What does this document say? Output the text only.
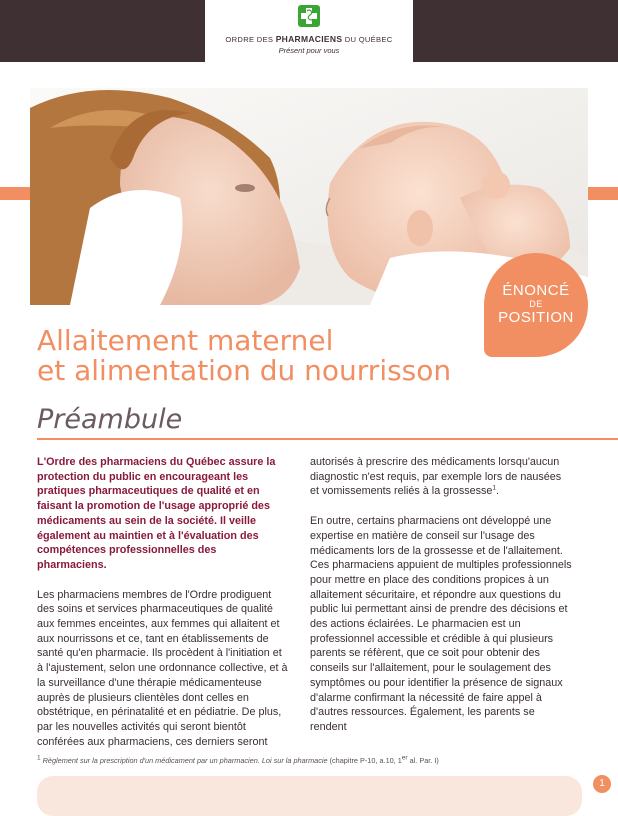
ORDRE DES PHARMACIENS DU QUÉBEC
Présent pour vous
ÉNONCÉ
DE
POSITION
Allaitement maternel
et alimentation du nourrisson
Préambule

L'Ordre des pharmaciens du Québec assure la protection du public en encourageant les pratiques pharmaceutiques de qualité et en faisant la promotion de l'usage approprié des médicaments au sein de la société. Il veille également au maintien et à l'évaluation des compétences professionnelles des pharmaciens.

Les pharmaciens membres de l'Ordre prodiguent des soins et services pharmaceutiques de qualité aux femmes enceintes, aux femmes qui allaitent et aux nourrissons et ce, tant en établissements de santé qu'en pharmacie. Ils procèdent à l'initiation et à l'ajustement, selon une ordonnance collective, et à la surveillance d'une thérapie médicamenteuse auprès de plusieurs clientèles dont celles en obstétrique, en périnatalité et en pédiatrie. De plus, par les nouvelles activités qui seront bientôt conférées aux pharmaciens, ces derniers seront

autorisés à prescrire des médicaments lorsqu'aucun diagnostic n'est requis, par exemple lors de nausées et vomissements reliés à la grossesse$^1$.

En outre, certains pharmaciens ont développé une expertise en matière de conseil sur l'usage des médicaments lors de la grossesse et de l'allaitement. Ces pharmaciens appuient de multiples professionnels pour mettre en place des conditions propices à un allaitement sécuritaire, et répondre aux questions du public lui permettant ainsi de prendre des décisions et des actions éclairées. Le pharmacien est un professionnel accessible et crédible à qui plusieurs parents se réfèrent, que ce soit pour obtenir des conseils sur l'allaitement, pour le soulagement des symptômes ou pour identifier la présence de signaux d'alarme confirmant la nécessité de faire appel à d'autres ressources. Également, les parents se rendent

$^1$ Règlement sur la prescription d'un médicament par un pharmacien. Loi sur la pharmacie (chapitre P-10, a.10, 1er al. Par. I)
1
